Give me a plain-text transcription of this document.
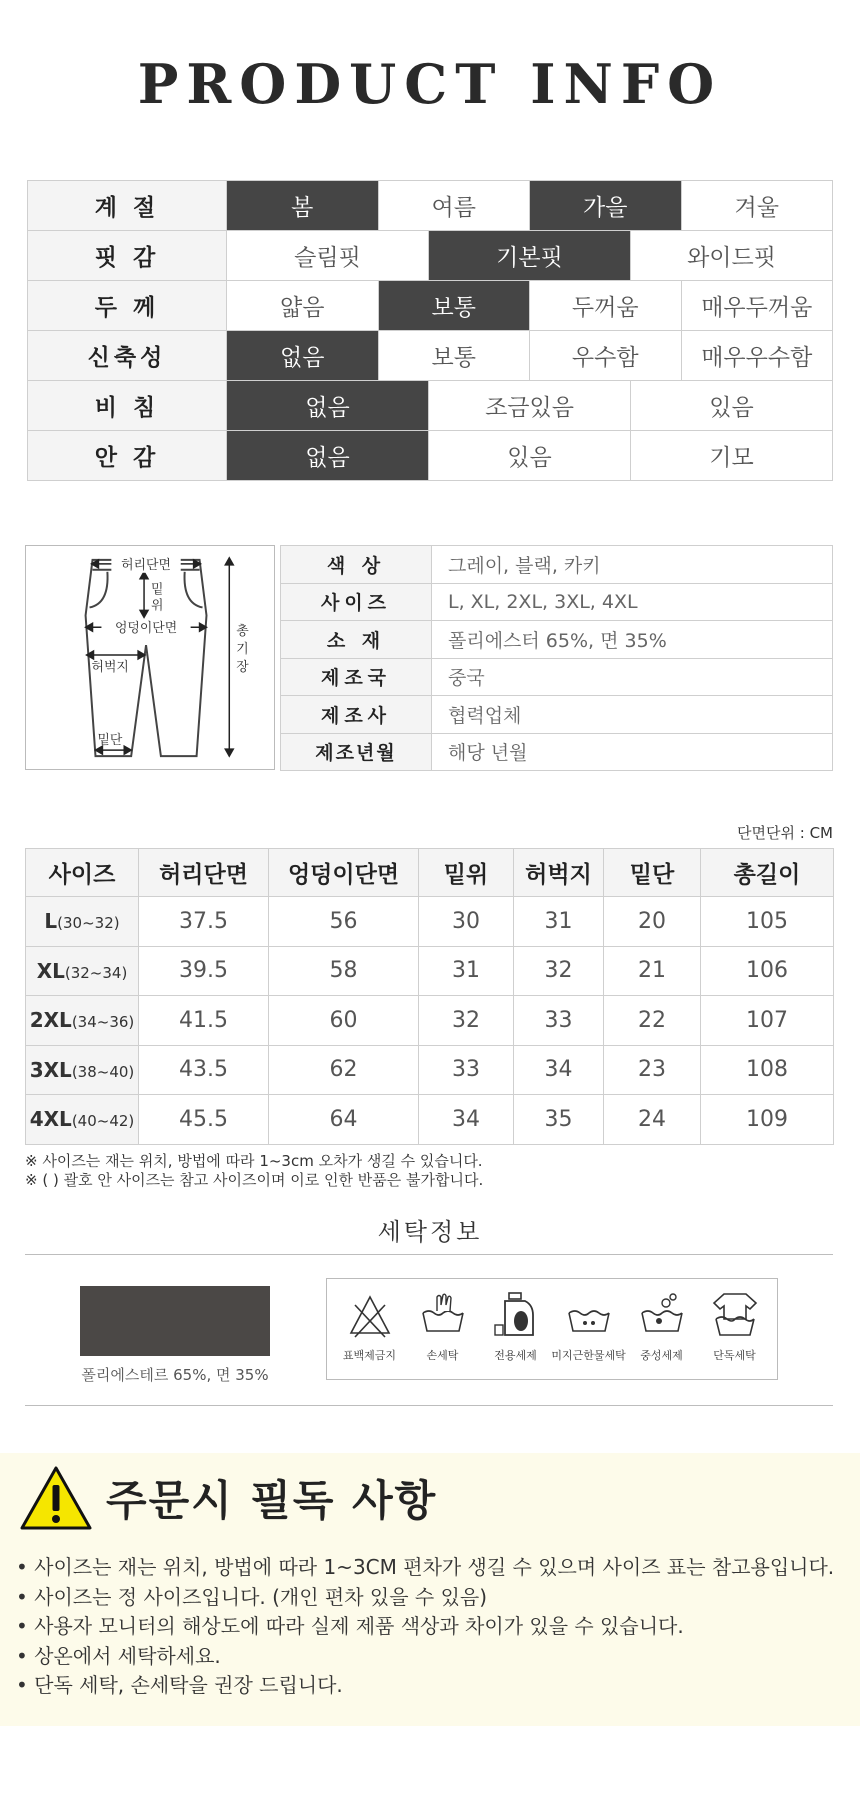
PRODUCT INFO
계 절	봄	여름		가을		겨울
핏 감	슬림핏		기본핏		와이드핏	
두 께	얇음	보통		두꺼움		매우두꺼움
신축성	없음	보통		우수함		매우우수함
비 침	없음		조금있음		있음	
안 감	없음		있음		기모	
허리단면
밑 위
엉덩이단면
허벅지
밑단
총 기 장
색 상	그레이, 블랙, 카키
사이즈	L, XL, 2XL, 3XL, 4XL
소 재	폴리에스터 65%, 면 35%
제조국	중국
제조사	협력업체
제조년월	해당 년월
단면단위 : CM
사이즈	허리단면	엉덩이단면	밑위	허벅지	밑단	총길이
L(30~32)	37.5	56	30	31	20	105
XL(32~34)	39.5	58	31	32	21	106
2XL(34~36)	41.5	60	32	33	22	107
3XL(38~40)	43.5	62	33	34	23	108
4XL(40~42)	45.5	64	34	35	24	109
※ 사이즈는 재는 위치, 방법에 따라 1~3cm 오차가 생길 수 있습니다.
※ ( ) 괄호 안 사이즈는 참고 사이즈이며 이로 인한 반품은 불가합니다.
세탁정보
폴리에스테르 65%, 면 35%
표백제금지	손세탁	전용세제 미지근한물세탁 중성세제	단독세탁
주문시 필독 사항
• 사이즈는 재는 위치, 방법에 따라 1~3CM 편차가 생길 수 있으며 사이즈 표는 참고용입니다.
• 사이즈는 정 사이즈입니다. (개인 편차 있을 수 있음)
• 사용자 모니터의 해상도에 따라 실제 제품 색상과 차이가 있을 수 있습니다.
• 상온에서 세탁하세요.
• 단독 세탁, 손세탁을 권장 드립니다.
